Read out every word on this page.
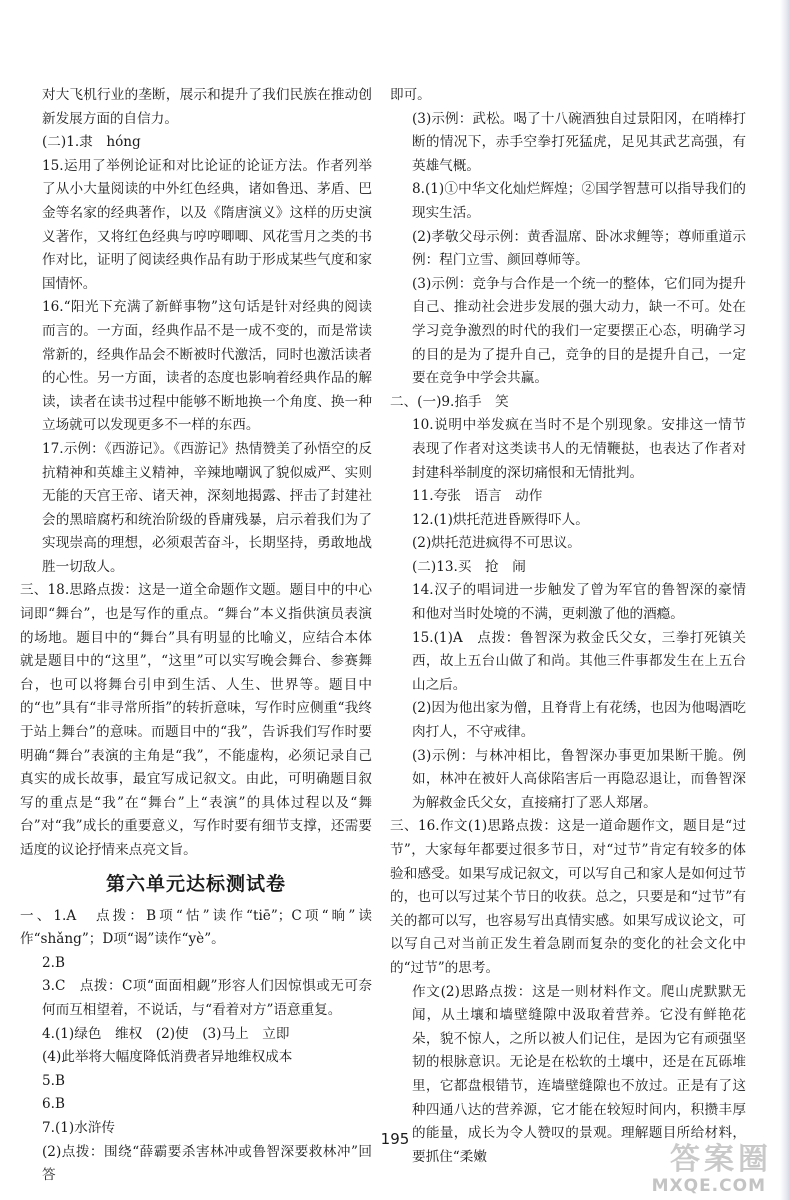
对大飞机行业的垄断，展示和提升了我们民族在推动创新发展方面的自信力。

(二)1.隶　hóng

15.运用了举例论证和对比论证的论证方法。作者列举了从小大量阅读的中外红色经典，诸如鲁迅、茅盾、巴金等名家的经典著作，以及《隋唐演义》这样的历史演义著作，又将红色经典与哼哼唧唧、风花雪月之类的书作对比，证明了阅读经典作品有助于形成某些气度和家国情怀。

16.“阳光下充满了新鲜事物”这句话是针对经典的阅读而言的。一方面，经典作品不是一成不变的，而是常读常新的，经典作品会不断被时代激活，同时也激活读者的心性。另一方面，读者的态度也影响着经典作品的解读，读者在读书过程中能够不断地换一个角度、换一种立场就可以发现更多不一样的东西。

17.示例：《西游记》。《西游记》热情赞美了孙悟空的反抗精神和英雄主义精神，辛辣地嘲讽了貌似威严、实则无能的天宫王帝、诸天神，深刻地揭露、抨击了封建社会的黑暗腐朽和统治阶级的昏庸残暴，启示着我们为了实现崇高的理想，必须艰苦奋斗，长期坚持，勇敢地战胜一切敌人。

三、18.思路点拨：这是一道全命题作文题。题目中的中心词即“舞台”，也是写作的重点。“舞台”本义指供演员表演的场地。题目中的“舞台”具有明显的比喻义，应结合本体就是题目中的“这里”，“这里”可以实写晚会舞台、参赛舞台，也可以将舞台引申到生活、人生、世界等。题目中的“也”具有“非寻常所指”的转折意味，写作时应侧重“我终于站上舞台”的意味。而题目中的“我”，告诉我们写作时要明确“舞台”表演的主角是“我”，不能虚构，必须记录自己真实的成长故事，最宜写成记叙文。由此，可明确题目叙写的重点是“我”在“舞台”上“表演”的具体过程以及“舞台”对“我”成长的重要意义，写作时要有细节支撑，还需要适度的议论抒情来点亮文旨。

第六单元达标测试卷

一、1.A　点拨：B项“怙”读作“tiē”；C项“晌”读作“shǎng”；D项“谒”读作“yè”。

2.B

3.C　点拨：C项“面面相觑”形容人们因惊惧或无可奈何而互相望着，不说话，与“看着对方”语意重复。

4.(1)绿色　维权　(2)使　(3)马上　立即

(4)此举将大幅度降低消费者异地维权成本

5.B

6.B

7.(1)水浒传

(2)点拨：围绕“薛霸要杀害林冲或鲁智深要救林冲”回答

即可。

(3)示例：武松。喝了十八碗酒独自过景阳冈，在哨棒打断的情况下，赤手空拳打死猛虎，足见其武艺高强，有英雄气概。

8.(1)①中华文化灿烂辉煌；②国学智慧可以指导我们的现实生活。

(2)孝敬父母示例：黄香温席、卧冰求鲤等；尊师重道示例：程门立雪、颜回尊师等。

(3)示例：竞争与合作是一个统一的整体，它们同为提升自己、推动社会进步发展的强大动力，缺一不可。处在学习竞争激烈的时代的我们一定要摆正心态，明确学习的目的是为了提升自己，竞争的目的是提升自己，一定要在竞争中学会共赢。

二、(一)9.掐手　笑

10.说明中举发疯在当时不是个别现象。安排这一情节表现了作者对这类读书人的无情鞭挞，也表达了作者对封建科举制度的深切痛恨和无情批判。

11.夸张　语言　动作

12.(1)烘托范进昏厥得吓人。

(2)烘托范进疯得不可思议。

(二)13.买　抢　闹

14.汉子的唱词进一步触发了曾为军官的鲁智深的豪情和他对当时处境的不满，更刺激了他的酒瘾。

15.(1)A　点拨：鲁智深为救金氏父女，三拳打死镇关西，故上五台山做了和尚。其他三件事都发生在上五台山之后。

(2)因为他出家为僧，且脊背上有花绣，也因为他喝酒吃肉打人，不守戒律。

(3)示例：与林冲相比，鲁智深办事更加果断干脆。例如，林冲在被奸人高俅陷害后一再隐忍退让，而鲁智深为解救金氏父女，直接痛打了恶人郑屠。

三、16.作文(1)思路点拨：这是一道命题作文，题目是“过节”，大家每年都要过很多节日，对“过节”肯定有较多的体验和感受。如果写成记叙文，可以写自己和家人是如何过节的，也可以写过某个节日的收获。总之，只要是和“过节”有关的都可以写，也容易写出真情实感。如果写成议论文，可以写自己对当前正发生着急剧而复杂的变化的社会文化中的“过节”的思考。

作文(2)思路点拨：这是一则材料作文。爬山虎默默无闻，从土壤和墙壁缝隙中汲取着营养。它没有鲜艳花朵，貌不惊人，之所以被人们记住，是因为它有顽强坚韧的根脉意识。无论是在松软的土壤中，还是在瓦砾堆里，它都盘根错节，连墙壁缝隙也不放过。正是有了这种四通八达的营养源，它才能在较短时间内，积攒丰厚的能量，成长为令人赞叹的景观。理解题目所给材料，要抓住“柔嫩

195
答案圈
MXQE.COM
